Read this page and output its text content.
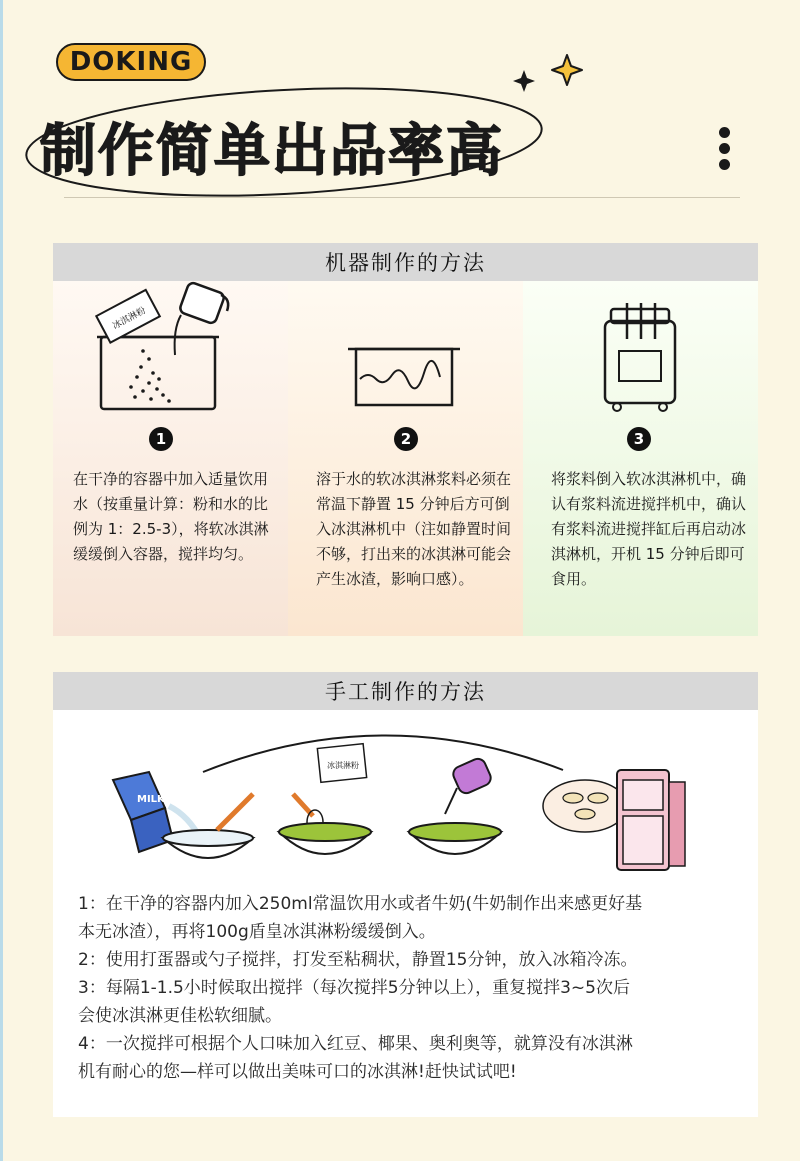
DOKING
制作简单出品率高
机器制作的方法
冰淇淋粉
1

在干净的容器中加入适量饮用水（按重量计算：粉和水的比例为 1：2.5-3），将软冰淇淋缓缓倒入容器，搅拌均匀。

2

溶于水的软冰淇淋浆料必须在常温下静置 15 分钟后方可倒入冰淇淋机中（注如静置时间不够，打出来的冰淇淋可能会产生冰渣，影响口感）。

3

将浆料倒入软冰淇淋机中，确认有浆料流进搅拌机中，确认有浆料流进搅拌缸后再启动冰淇淋机，开机 15 分钟后即可食用。

手工制作的方法
MILK
冰淇淋粉
1：在干净的容器内加入250ml常温饮用水或者牛奶(牛奶制作出来感更好基
本无冰渣），再将100g盾皇冰淇淋粉缓缓倒入。
2：使用打蛋器或勺子搅拌，打发至粘稠状，静置15分钟，放入冰箱冷冻。
3：每隔1-1.5小时候取出搅拌（每次搅拌5分钟以上），重复搅拌3~5次后
会使冰淇淋更佳松软细腻。
4：一次搅拌可根据个人口味加入红豆、椰果、奥利奥等，就算没有冰淇淋
机有耐心的您—样可以做出美味可口的冰淇淋!赶快试试吧!
